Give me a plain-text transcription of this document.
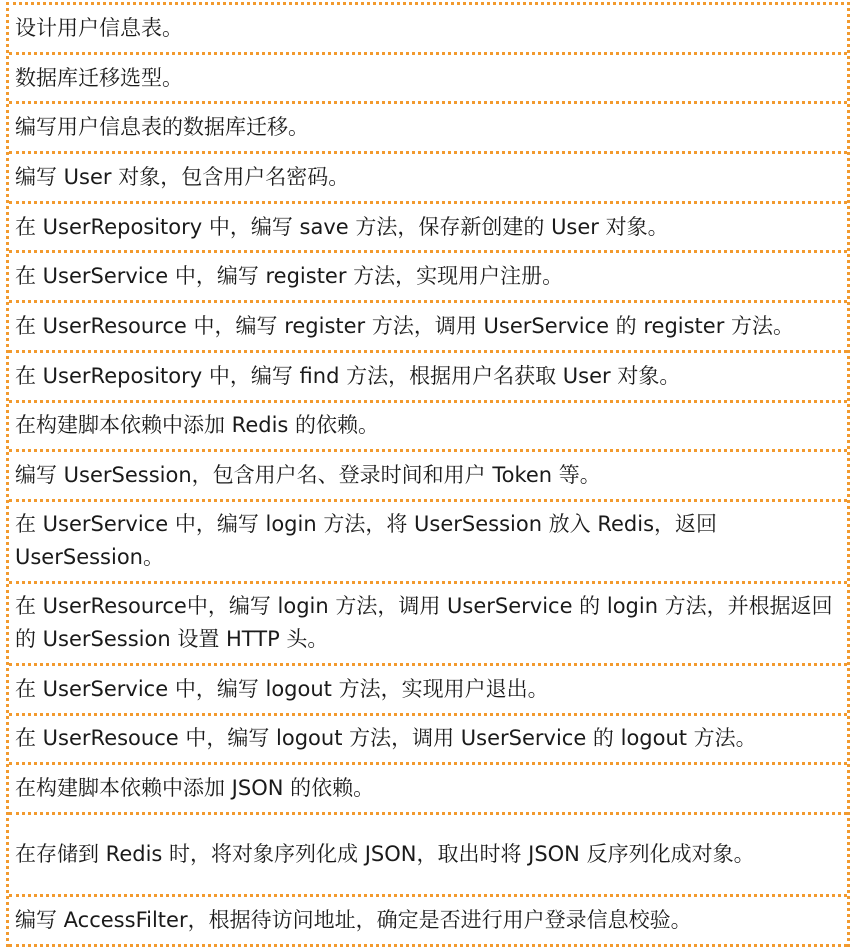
设计用户信息表。
数据库迁移选型。
编写用户信息表的数据库迁移。
编写 User 对象，包含用户名密码。
在 UserRepository 中，编写 save 方法，保存新创建的 User 对象。
在 UserService 中，编写 register 方法，实现用户注册。
在 UserResource 中，编写 register 方法，调用 UserService 的 register 方法。
在 UserRepository 中，编写 find 方法，根据用户名获取 User 对象。
在构建脚本依赖中添加 Redis 的依赖。
编写 UserSession，包含用户名、登录时间和用户 Token 等。
在 UserService 中，编写 login 方法，将 UserSession 放入 Redis，返回 UserSession。
在 UserResource中，编写 login 方法，调用 UserService 的 login 方法，并根据返回的 UserSession 设置 HTTP 头。
在 UserService 中，编写 logout 方法，实现用户退出。
在 UserResouce 中，编写 logout 方法，调用 UserService 的 logout 方法。
在构建脚本依赖中添加 JSON 的依赖。
在存储到 Redis 时，将对象序列化成 JSON，取出时将 JSON 反序列化成对象。
编写 AccessFilter，根据待访问地址，确定是否进行用户登录信息校验。
